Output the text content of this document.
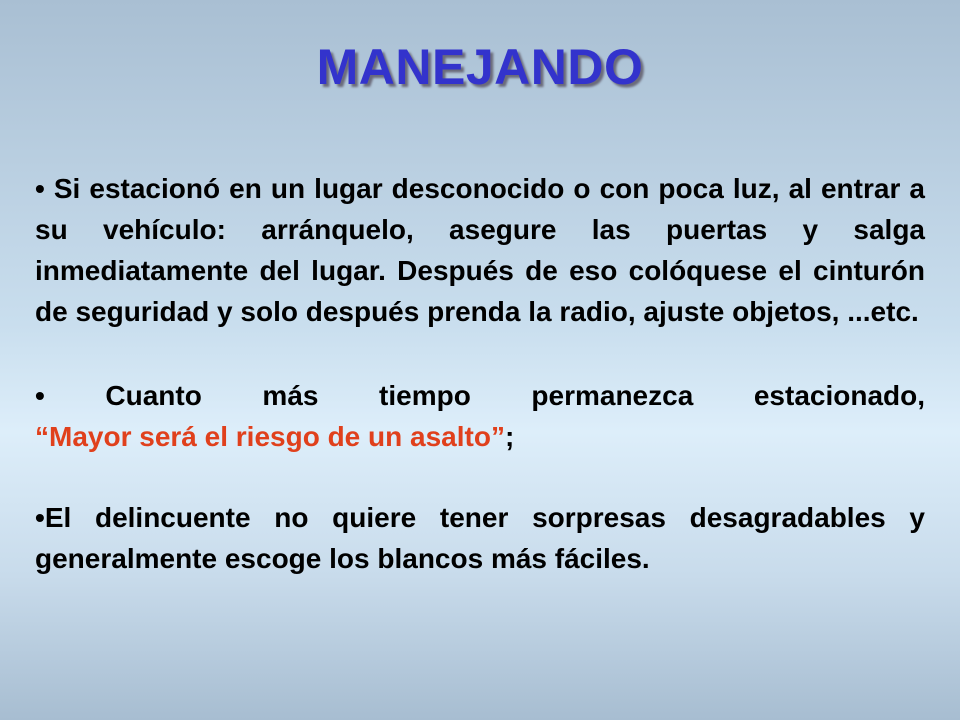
MANEJANDO

• Si estacionó en un lugar desconocido o con poca luz, al entrar a su vehículo: arránquelo, asegure las puertas y salga inmediatamente del lugar. Después de eso colóquese el cinturón de seguridad y solo después prenda la radio, ajuste objetos, ...etc.

• Cuanto más tiempo permanezca estacionado,
“Mayor será el riesgo de un asalto”;

•El delincuente no quiere tener sorpresas desagradables y generalmente escoge los blancos más fáciles.
